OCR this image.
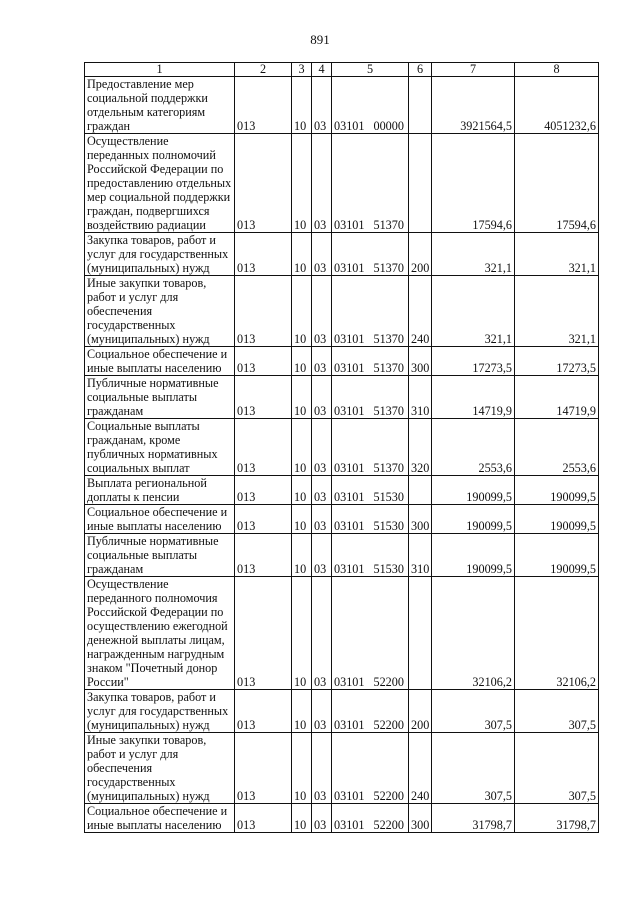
891
1	2	3	4	5	6	7	8
Предоставление мер социальной поддержки отдельным категориям граждан	013	10	03	03101 00000		3921564,5	4051232,6
Осуществление переданных полномочий Российской Федерации по предоставлению отдельных мер социальной поддержки граждан, подвергшихся воздействию радиации	013	10	03	03101 51370		17594,6	17594,6
Закупка товаров, работ и услуг для государственных (муниципальных) нужд	013	10	03	03101 51370	200	321,1	321,1
Иные закупки товаров, работ и услуг для обеспечения государственных (муниципальных) нужд	013	10	03	03101 51370	240	321,1	321,1
Социальное обеспечение и иные выплаты населению	013	10	03	03101 51370	300	17273,5	17273,5
Публичные нормативные социальные выплаты гражданам	013	10	03	03101 51370	310	14719,9	14719,9
Социальные выплаты гражданам, кроме публичных нормативных социальных выплат	013	10	03	03101 51370	320	2553,6	2553,6
Выплата региональной доплаты к пенсии	013	10	03	03101 51530		190099,5	190099,5
Социальное обеспечение и иные выплаты населению	013	10	03	03101 51530	300	190099,5	190099,5
Публичные нормативные социальные выплаты гражданам	013	10	03	03101 51530	310	190099,5	190099,5
Осуществление переданного полномочия Российской Федерации по осуществлению ежегодной денежной выплаты лицам, награжденным нагрудным знаком "Почетный донор России"	013	10	03	03101 52200		32106,2	32106,2
Закупка товаров, работ и услуг для государственных (муниципальных) нужд	013	10	03	03101 52200	200	307,5	307,5
Иные закупки товаров, работ и услуг для обеспечения государственных (муниципальных) нужд	013	10	03	03101 52200	240	307,5	307,5
Социальное обеспечение и иные выплаты населению	013	10	03	03101 52200	300	31798,7	31798,7
